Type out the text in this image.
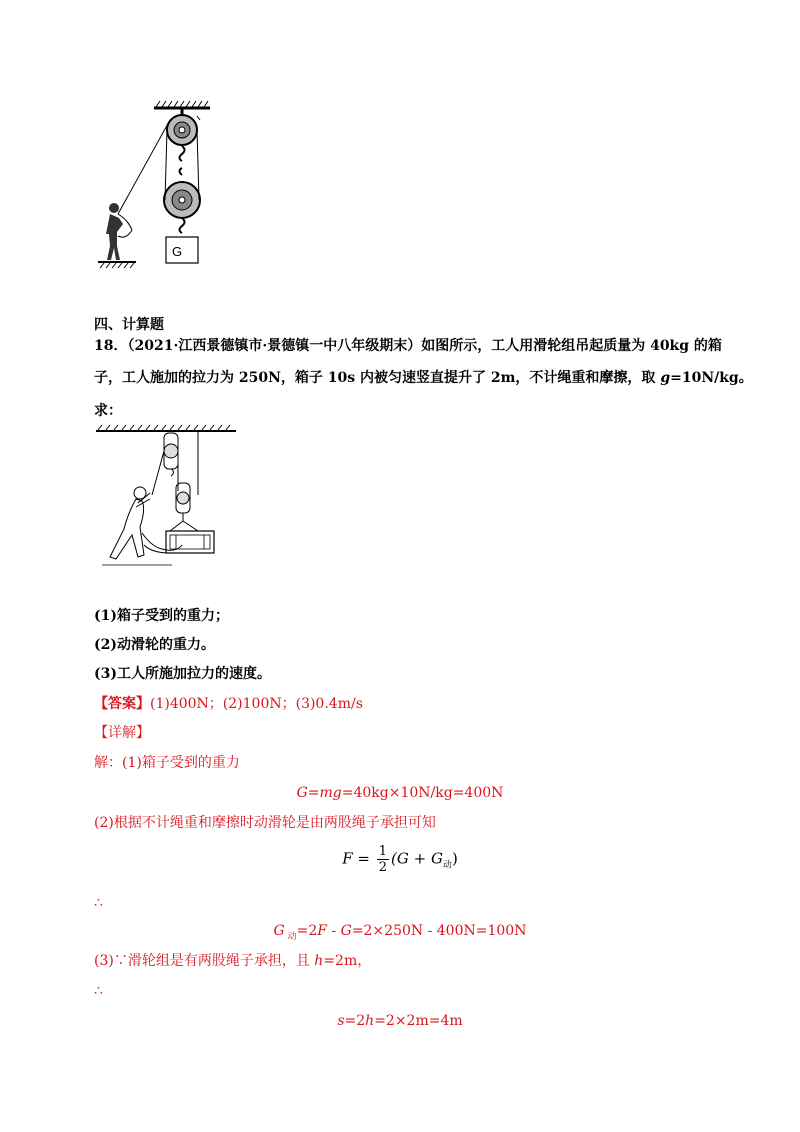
G
四、计算题
18．（2021·江西景德镇市·景德镇一中八年级期末）如图所示，工人用滑轮组吊起质量为 40kg 的箱
子，工人施加的拉力为 250N，箱子 10s 内被匀速竖直提升了 2m，不计绳重和摩擦，取 g=10N/kg。
求：
(1)箱子受到的重力；
(2)动滑轮的重力。
(3)工人所施加拉力的速度。
【答案】(1)400N；(2)100N；(3)0.4m/s
【详解】
解：(1)箱子受到的重力
G=mg=40kg×10N/kg=400N
(2)根据不计绳重和摩擦时动滑轮是由两股绳子承担可知
$F = \frac{1}{2} (G + G_动)$
∴
G $_动$=2F - G=2×250N - 400N=100N
(3)∵滑轮组是有两股绳子承担，且 h=2m，
∴
s=2h=2×2m=4m
